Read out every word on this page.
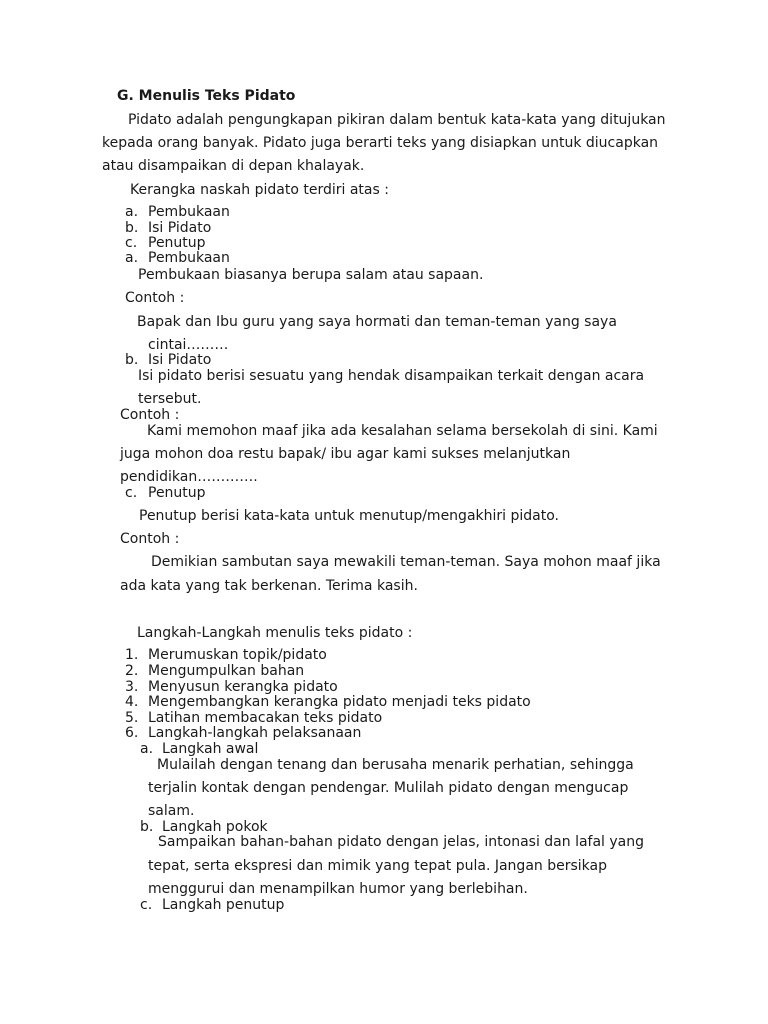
G. Menulis Teks Pidato
Pidato adalah pengungkapan pikiran dalam bentuk kata-kata yang ditujukan
kepada orang banyak. Pidato juga berarti teks yang disiapkan untuk diucapkan
atau disampaikan di depan khalayak.
Kerangka naskah pidato terdiri atas :
a. Pembukaan
b. Isi Pidato
c. Penutup
a. Pembukaan
Pembukaan biasanya berupa salam atau sapaan.
Contoh :
Bapak dan Ibu guru yang saya hormati dan teman-teman yang saya
cintai………
b. Isi Pidato
Isi pidato berisi sesuatu yang hendak disampaikan terkait dengan acara
tersebut.
Contoh :
Kami memohon maaf jika ada kesalahan selama bersekolah di sini. Kami
juga mohon doa restu bapak/ ibu agar kami sukses melanjutkan
pendidikan………….
c. Penutup
Penutup berisi kata-kata untuk menutup/mengakhiri pidato.
Contoh :
Demikian sambutan saya mewakili teman-teman. Saya mohon maaf jika
ada kata yang tak berkenan. Terima kasih.
Langkah-Langkah menulis teks pidato :
1. Merumuskan topik/pidato
2. Mengumpulkan bahan
3. Menyusun kerangka pidato
4. Mengembangkan kerangka pidato menjadi teks pidato
5. Latihan membacakan teks pidato
6. Langkah-langkah pelaksanaan
a. Langkah awal
Mulailah dengan tenang dan berusaha menarik perhatian, sehingga
terjalin kontak dengan pendengar. Mulilah pidato dengan mengucap
salam.
b. Langkah pokok
Sampaikan bahan-bahan pidato dengan jelas, intonasi dan lafal yang
tepat, serta ekspresi dan mimik yang tepat pula. Jangan bersikap
menggurui dan menampilkan humor yang berlebihan.
c. Langkah penutup
